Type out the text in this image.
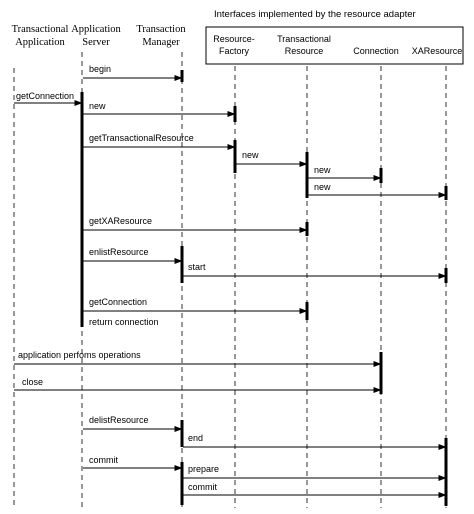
Interfaces implemented by the resource adapter
Transactional
Application
Application
Server
Transaction
Manager	Resource-
Factory
Transactional
Resource	Connection XAResource
begin
getConnection
new
getTransactionalResource
new
new
new
getXAResource
enlistResource
start
getConnection
return connection
application perfoms operations
close
delistResource
end
commit
prepare
commit
